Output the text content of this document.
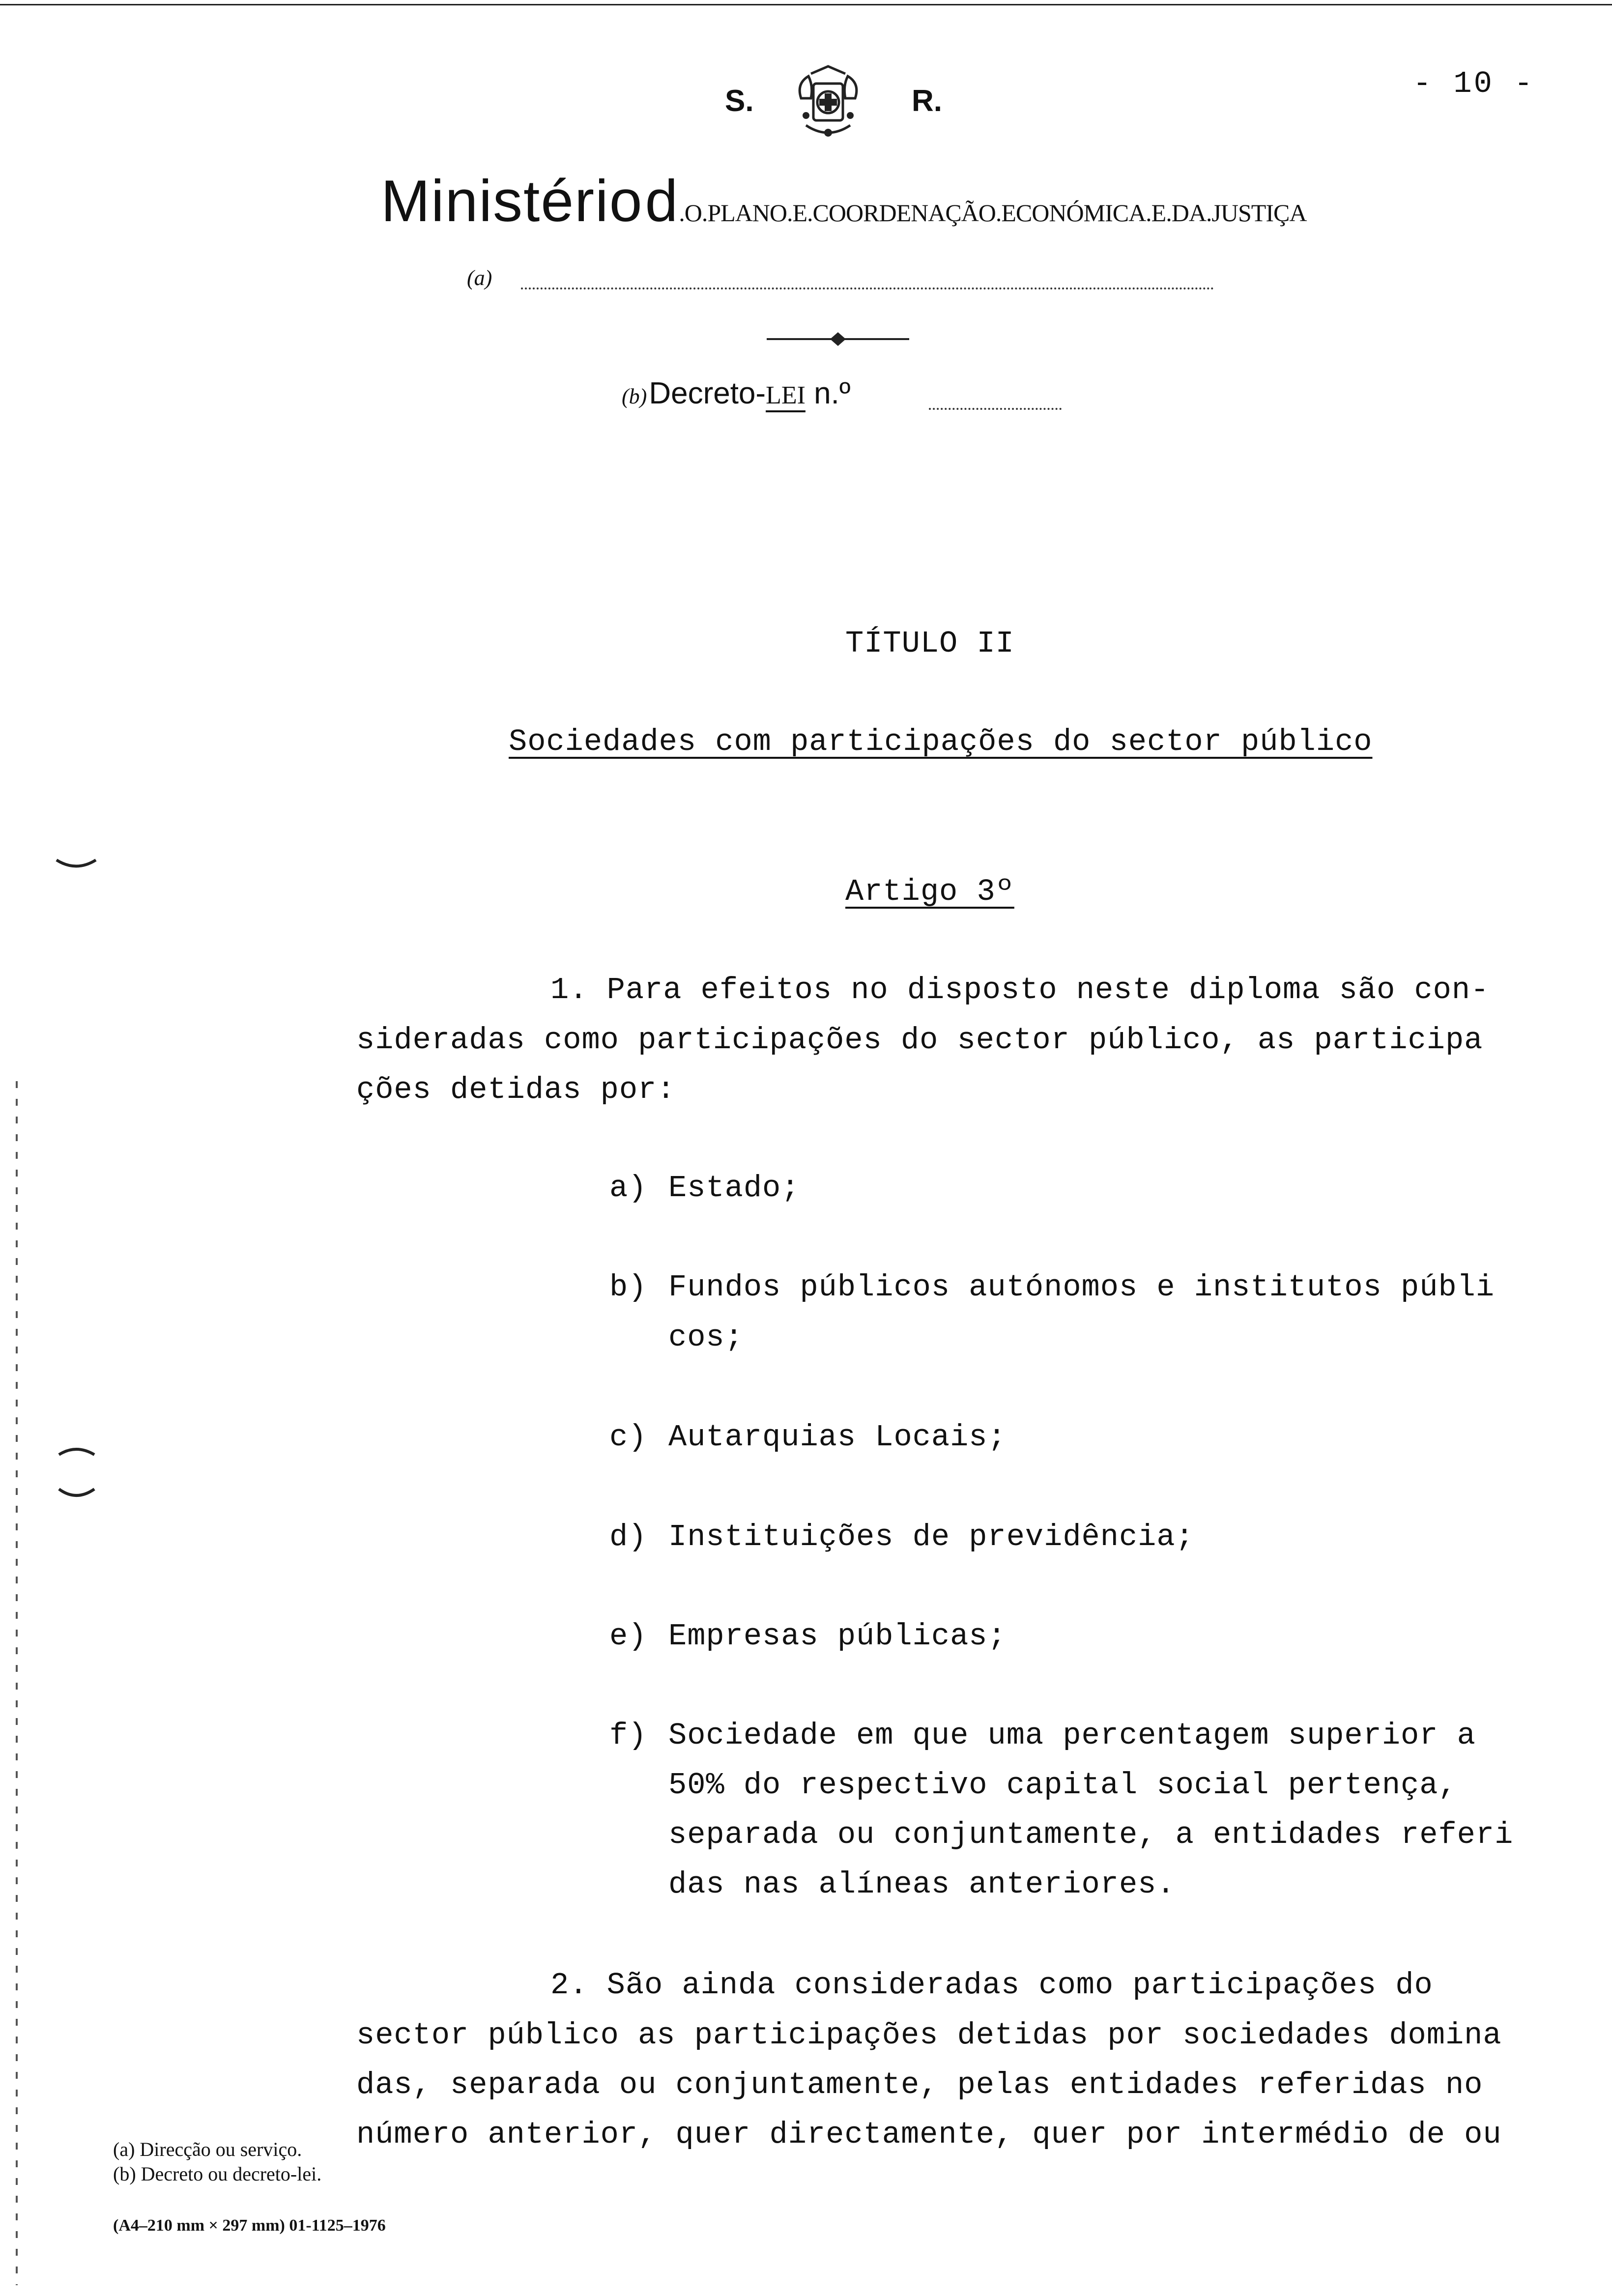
S.	R.	- 10 -
Ministério d.O.PLANO.E.COORDENAÇÃO.ECONÓMICA.E.DA.JUSTIÇA
(a)
(b) Decreto-LEI n.º
TÍTULO II
Sociedades com participações do sector público
Artigo 3º
1. Para efeitos no disposto neste diploma são con-
sideradas como participações do sector público, as participa
ções detidas por:
a) Estado;
b) Fundos públicos autónomos e institutos públi
cos;
c) Autarquias Locais;
d) Instituições de previdência;
e) Empresas públicas;
f) Sociedade em que uma percentagem superior a
50% do respectivo capital social pertença,
separada ou conjuntamente, a entidades referi
das nas alíneas anteriores.
2. São ainda consideradas como participações do
sector público as participações detidas por sociedades domina
das, separada ou conjuntamente, pelas entidades referidas no
número anterior, quer directamente, quer por intermédio de ou
(a) Direcção ou serviço.
(b) Decreto ou decreto-lei.
(A4–210 mm × 297 mm) 01-1125–1976
